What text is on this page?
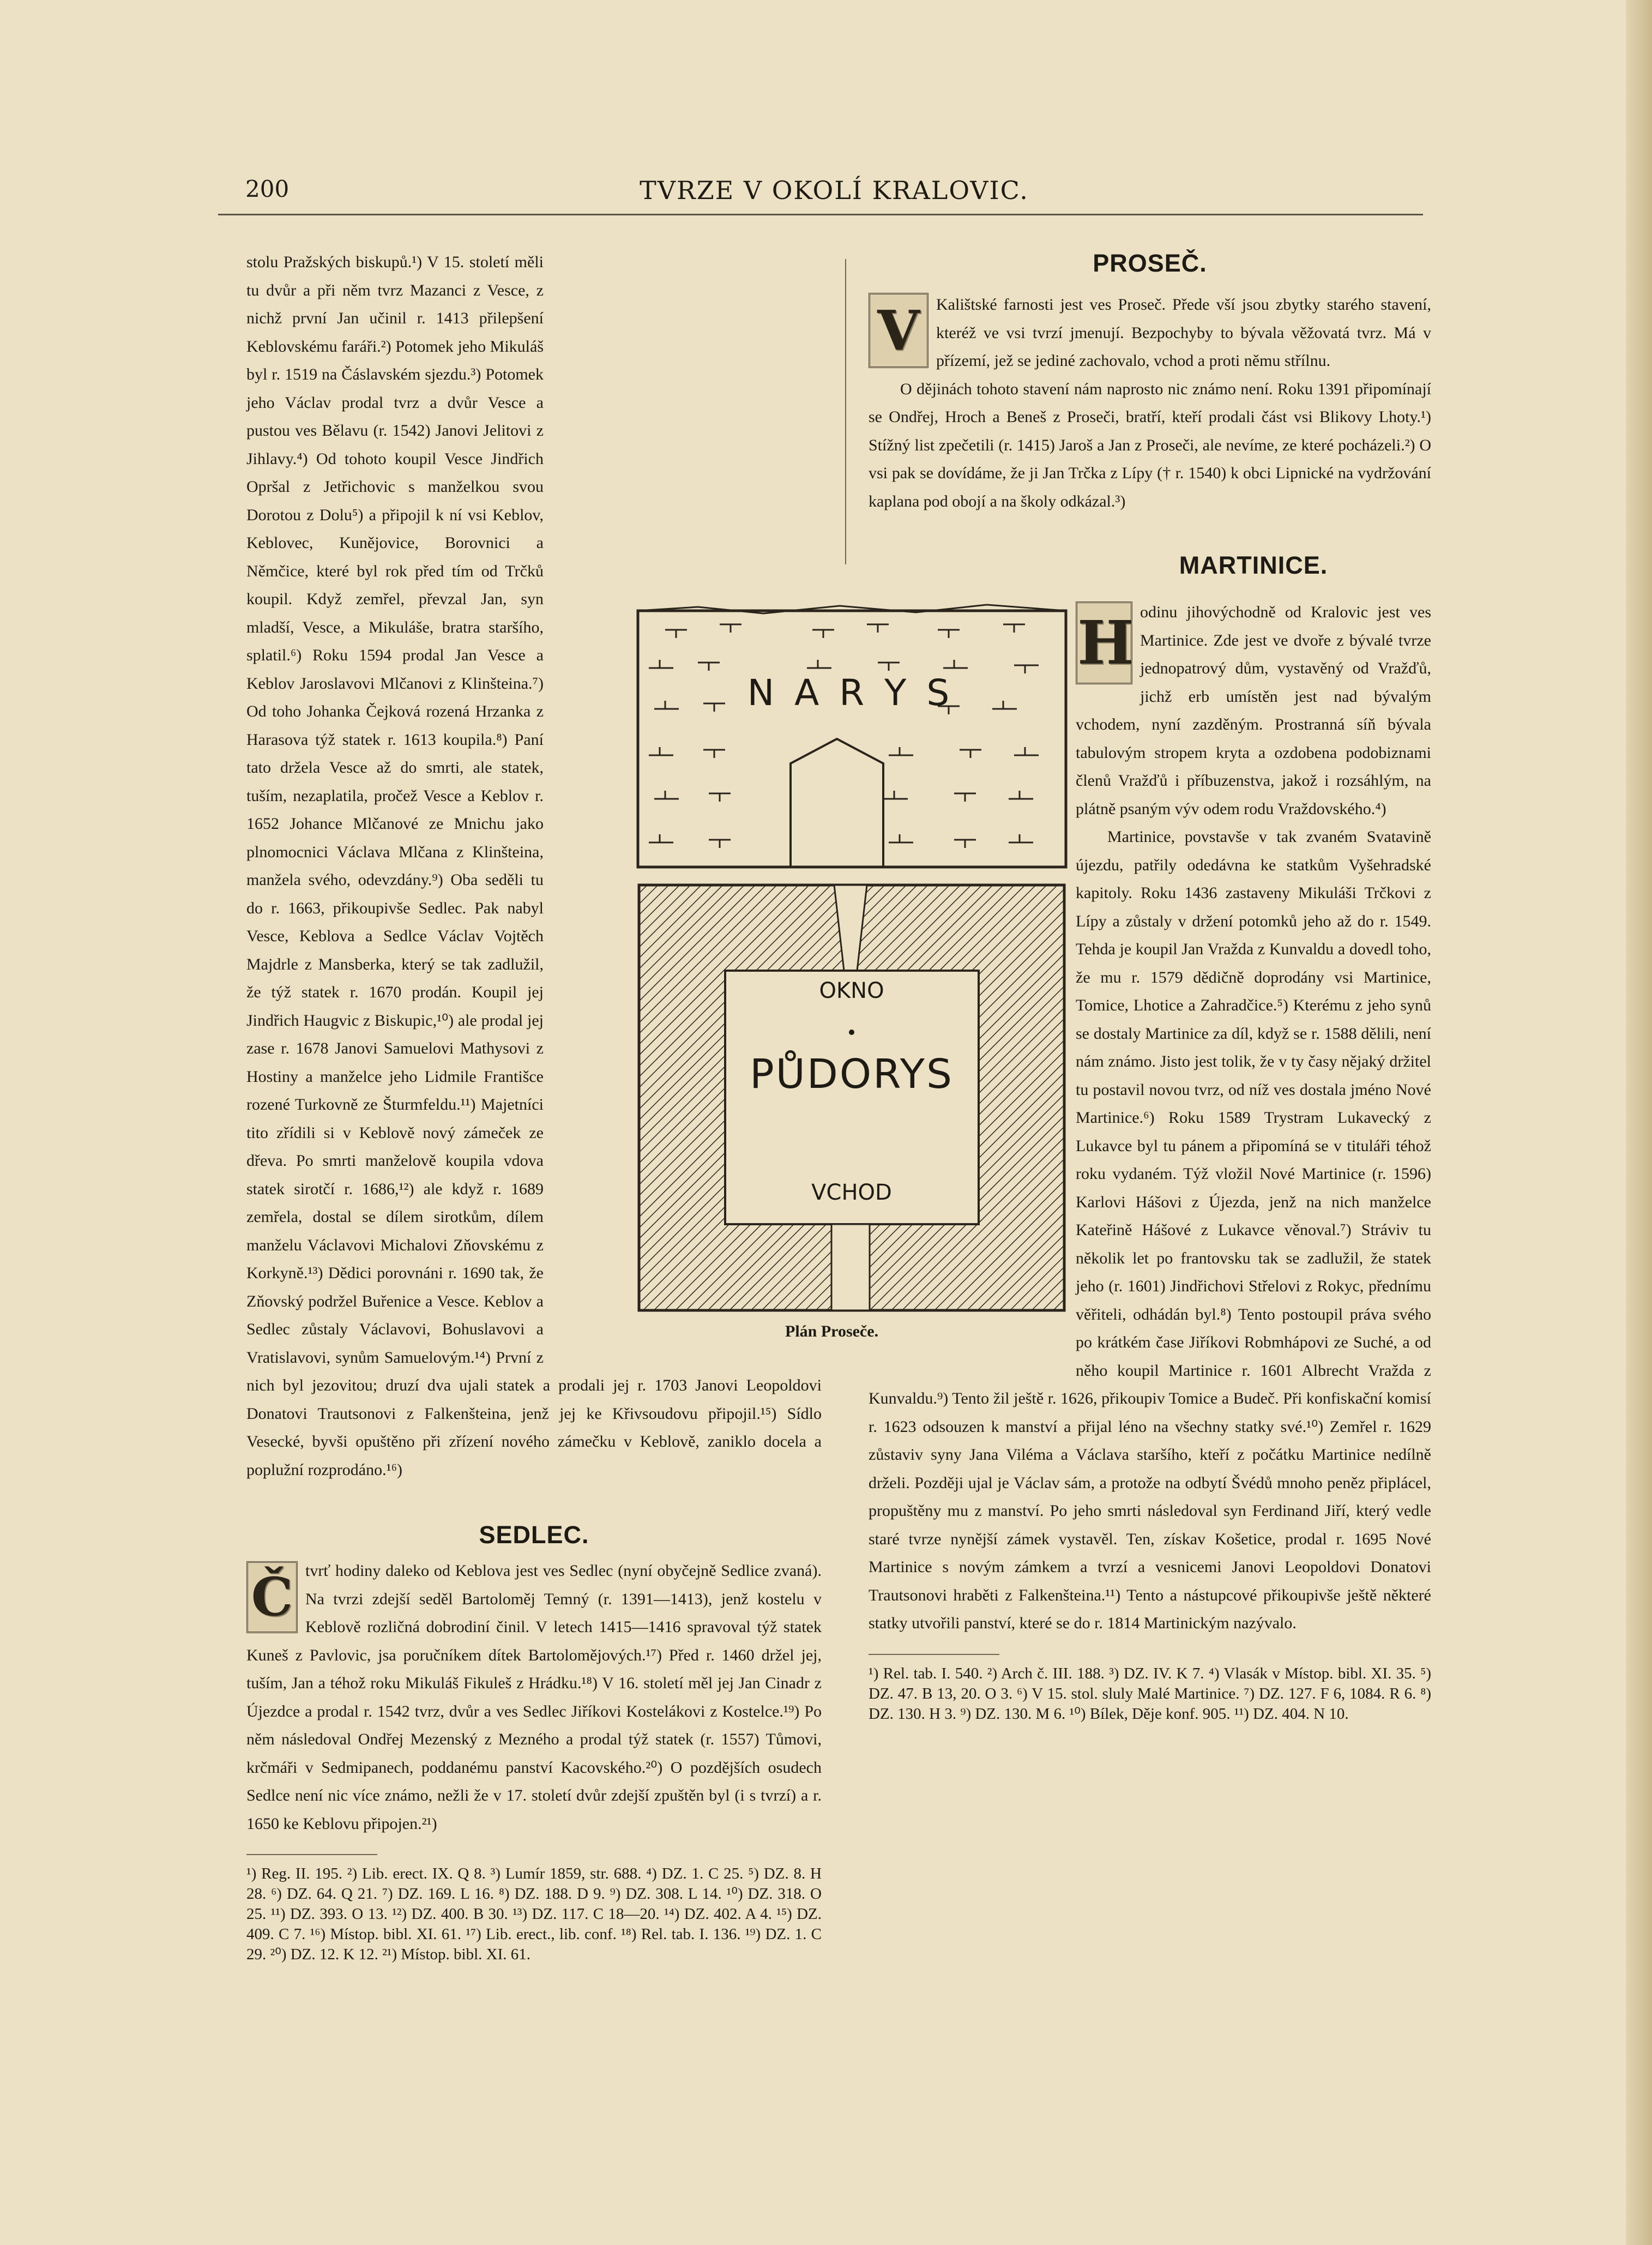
200	TVRZE V OKOLÍ KRALOVIC.

stolu Pražských biskupů.¹) V 15. století měli tu dvůr a při něm tvrz Mazanci z Vesce, z nichž první Jan učinil r. 1413 přilepšení Keblovskému faráři.²) Potomek jeho Mikuláš byl r. 1519 na Čáslavském sjezdu.³) Potomek jeho Václav prodal tvrz a dvůr Vesce a pustou ves Bělavu (r. 1542) Janovi Jelitovi z Jihlavy.⁴) Od tohoto koupil Vesce Jindřich Opršal z Jetřichovic s manželkou svou Dorotou z Dolu⁵) a připojil k ní vsi Keblov, Keblovec, Kunějovice, Borovnici a Němčice, které byl rok před tím od Trčků koupil. Když zemřel, převzal Jan, syn mladší, Vesce, a Mikuláše, bratra staršího, splatil.⁶) Roku 1594 prodal Jan Vesce a Keblov Jaroslavovi Mlčanovi z Klinšteina.⁷) Od toho Johanka Čejková rozená Hrzanka z Harasova týž statek r. 1613 koupila.⁸) Paní tato držela Vesce až do smrti, ale statek, tuším, nezaplatila, pročež Vesce a Keblov r. 1652 Johance Mlčanové ze Mnichu jako plnomocnici Václava Mlčana z Klinšteina, manžela svého, odevzdány.⁹) Oba seděli tu do r. 1663, přikoupivše Sedlec. Pak nabyl Vesce, Keblova a Sedlce Václav Vojtěch Majdrle z Mansberka, který se tak zadlužil, že týž statek r. 1670 prodán. Koupil jej Jindřich Haugvic z Biskupic,¹⁰) ale prodal jej zase r. 1678 Janovi Samuelovi Mathysovi z Hostiny a manželce jeho Lidmile Františce rozené Turkovně ze Šturmfeldu.¹¹) Majetníci tito zřídili si v Keblově nový zámeček ze dřeva. Po smrti manželově koupila vdova statek sirotčí r. 1686,¹²) ale když r. 1689 zemřela, dostal se dílem sirotkům, dílem manželu Václavovi Michalovi Zňovskému z Korkyně.¹³) Dědici porovnáni r. 1690 tak, že Zňovský podržel Buřenice a Vesce. Keblov a Sedlec zůstaly Václavovi, Bohuslavovi a Vratislavovi, synům Samuelovým.¹⁴) První z nich byl jezovitou; druzí dva ujali statek a prodali jej r. 1703 Janovi Leopoldovi Donatovi Trautsonovi z Falkenšteina, jenž jej ke Křivsoudovu připojil.¹⁵) Sídlo Vesecké, byvši opuštěno při zřízení nového zámečku v Keblově, zaniklo docela a poplužní rozprodáno.¹⁶)

SEDLEC.
Č tvrť hodiny daleko od Keblova jest ves Sedlec (nyní obyčejně Sedlice zvaná). Na tvrzi zdejší seděl Bartoloměj Temný (r. 1391—1413), jenž kostelu v Keblově rozličná dobrodiní činil. V letech 1415—1416 spravoval týž statek Kuneš z Pavlovic, jsa poručníkem dítek Bartolomějových.¹⁷) Před r. 1460 držel jej, tuším, Jan a téhož roku Mikuláš Fikuleš z Hrádku.¹⁸) V 16. století měl jej Jan Cinadr z Újezdce a prodal r. 1542 tvrz, dvůr a ves Sedlec Jiříkovi Kostelákovi z Kostelce.¹⁹) Po něm následoval Ondřej Mezenský z Mezného a prodal týž statek (r. 1557) Tůmovi, krčmáři v Sedmipanech, poddanému panství Kacovského.²⁰) O pozdějších osudech Sedlce není nic více známo, nežli že v 17. století dvůr zdejší zpuštěn byl (i s tvrzí) a r. 1650 ke Keblovu připojen.²¹)

¹) Reg. II. 195. ²) Lib. erect. IX. Q 8. ³) Lumír 1859, str. 688. ⁴) DZ. 1. C 25. ⁵) DZ. 8. H 28. ⁶) DZ. 64. Q 21. ⁷) DZ. 169. L 16. ⁸) DZ. 188. D 9. ⁹) DZ. 308. L 14. ¹⁰) DZ. 318. O 25. ¹¹) DZ. 393. O 13. ¹²) DZ. 400. B 30. ¹³) DZ. 117. C 18—20. ¹⁴) DZ. 402. A 4. ¹⁵) DZ. 409. C 7. ¹⁶) Místop. bibl. XI. 61. ¹⁷) Lib. erect., lib. conf. ¹⁸) Rel. tab. I. 136. ¹⁹) DZ. 1. C 29. ²⁰) DZ. 12. K 12. ²¹) Místop. bibl. XI. 61.

PROSEČ.
V	Kalištské farnosti jest ves Proseč. Přede vší jsou zbytky starého stavení, kteréž ve vsi tvrzí jmenují. Bezpochyby to bývala věžovatá tvrz. Má v přízemí, jež se jediné zachovalo, vchod a proti němu střílnu.

O dějinách tohoto stavení nám naprosto nic známo není. Roku 1391 připomínají se Ondřej, Hroch a Beneš z Proseči, bratří, kteří prodali část vsi Blikovy Lhoty.¹) Stížný list zpečetili (r. 1415) Jaroš a Jan z Proseči, ale nevíme, ze které pocházeli.²) O vsi pak se dovídáme, že ji Jan Trčka z Lípy († r. 1540) k obci Lipnické na vydržování kaplana pod obojí a na školy odkázal.³)

MARTINICE.
H odinu jihovýchodně od Kralovic jest ves Martinice. Zde jest ve dvoře z bývalé tvrze jednopatrový dům, vystavěný od Vražďů, jichž erb umístěn jest nad bývalým vchodem, nyní zazděným. Prostranná síň bývala tabulovým stropem kryta a ozdobena podobiznami členů Vražďů i příbuzenstva, jakož i rozsáhlým, na plátně psaným výv odem rodu Vraždovského.⁴)

Martinice, povstavše v tak zvaném Svatavině újezdu, patřily odedávna ke statkům Vyšehradské kapitoly. Roku 1436 zastaveny Mikuláši Trčkovi z Lípy a zůstaly v držení potomků jeho až do r. 1549. Tehda je koupil Jan Vražda z Kunvaldu a dovedl toho, že mu r. 1579 dědičně doprodány vsi Martinice, Tomice, Lhotice a Zahradčice.⁵) Kterému z jeho synů se dostaly Martinice za díl, když se r. 1588 dělili, není nám známo. Jisto jest tolik, že v ty časy nějaký držitel tu postavil novou tvrz, od níž ves dostala jméno Nové Martinice.⁶) Roku 1589 Trystram Lukavecký z Lukavce byl tu pánem a připomíná se v tituláři téhož roku vydaném. Týž vložil Nové Martinice (r. 1596) Karlovi Hášovi z Újezda, jenž na nich manželce Kateřině Hášové z Lukavce věnoval.⁷) Stráviv tu několik let po frantovsku tak se zadlužil, že statek jeho (r. 1601) Jindřichovi Střelovi z Rokyc, přednímu věřiteli, odhádán byl.⁸) Tento postoupil práva svého po krátkém čase Jiříkovi Robmhápovi ze Suché, a od něho koupil Martinice r. 1601 Albrecht Vražda z Kunvaldu.⁹) Tento žil ještě r. 1626, přikoupiv Tomice a Budeč. Při konfiskační komisí r. 1623 odsouzen k manství a přijal léno na všechny statky své.¹⁰) Zemřel r. 1629 zůstaviv syny Jana Viléma a Václava staršího, kteří z počátku Martinice nedílně drželi. Později ujal je Václav sám, a protože na odbytí Švédů mnoho peněz připlácel, propuštěny mu z manství. Po jeho smrti následoval syn Ferdinand Jiří, který vedle staré tvrze nynější zámek vystavěl. Ten, získav Košetice, prodal r. 1695 Nové Martinice s novým zámkem a tvrzí a vesnicemi Janovi Leopoldovi Donatovi Trautsonovi hraběti z Falkenšteina.¹¹) Tento a nástupcové přikoupivše ještě některé statky utvořili panství, které se do r. 1814 Martinickým nazývalo.

¹) Rel. tab. I. 540. ²) Arch č. III. 188. ³) DZ. IV. K 7. ⁴) Vlasák v Místop. bibl. XI. 35. ⁵) DZ. 47. B 13, 20. O 3. ⁶) V 15. stol. sluly Malé Martinice. ⁷) DZ. 127. F 6, 1084. R 6. ⁸) DZ. 130. H 3. ⁹) DZ. 130. M 6. ¹⁰) Bílek, Děje konf. 905. ¹¹) DZ. 404. N 10.

N A R Y S
OKNO
PŮDORYS
VCHOD
Plán Proseče.
